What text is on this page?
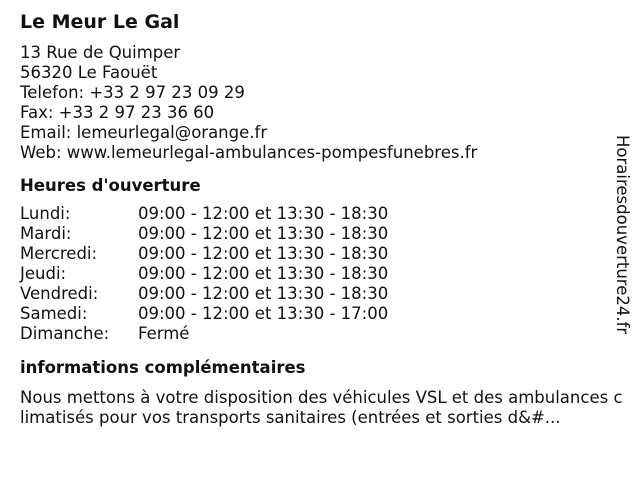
Le Meur Le Gal
13 Rue de Quimper
56320 Le Faouët
Telefon: +33 2 97 23 09 29
Fax: +33 2 97 23 36 60
Email: lemeurlegal@orange.fr
Web: www.lemeurlegal-ambulances-pompesfunebres.fr
Heures d'ouverture
Lundi:	09:00 - 12:00 et 13:30 - 18:30
Mardi:	09:00 - 12:00 et 13:30 - 18:30
Mercredi:	09:00 - 12:00 et 13:30 - 18:30
Jeudi:	09:00 - 12:00 et 13:30 - 18:30
Vendredi:	09:00 - 12:00 et 13:30 - 18:30
Samedi:	09:00 - 12:00 et 13:30 - 17:00
Dimanche:	Fermé
informations complémentaires
Nous mettons à votre disposition des véhicules VSL et des ambulances climatisés pour vos transports sanitaires (entrées et sorties d&#...
Horairesdouverture24.fr
